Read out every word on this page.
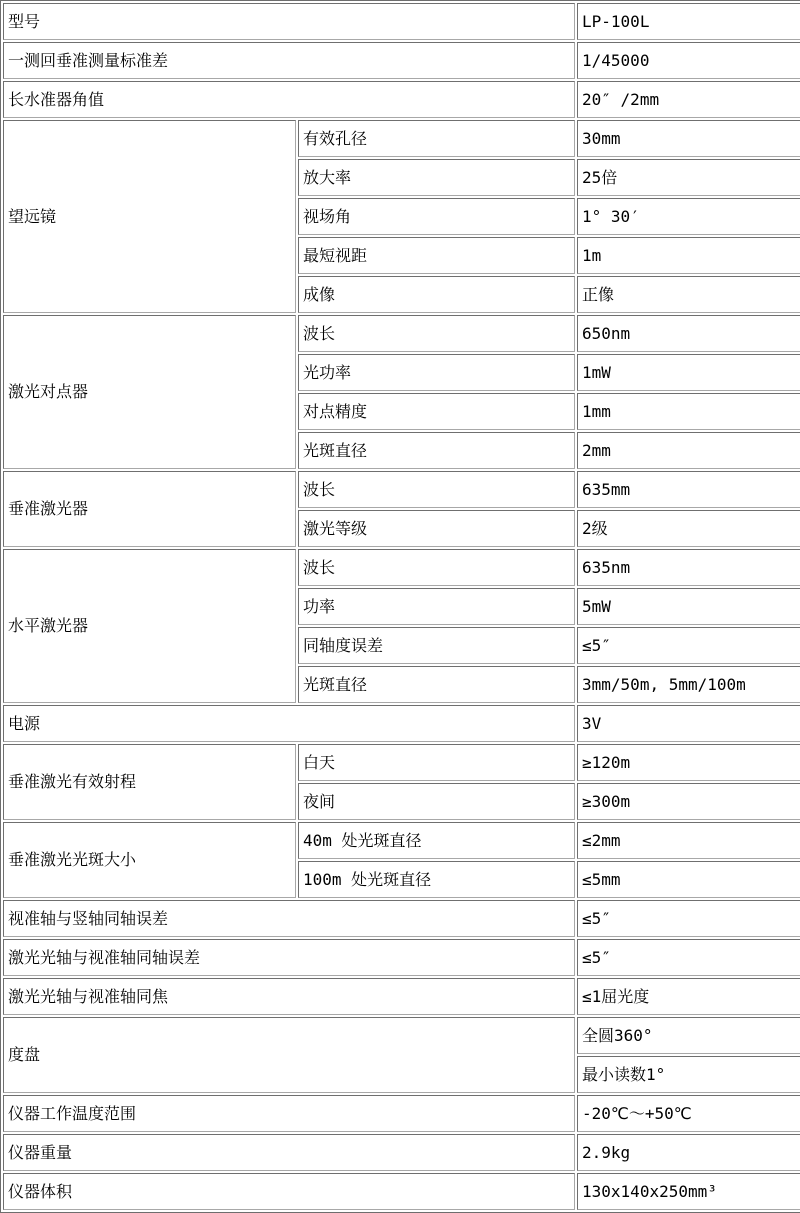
型号		LP-100L
一测回垂准测量标准差		1/45000
长水准器角值		20″ /2mm
望远镜	有效孔径	30mm
	放大率	25倍
	视场角	1° 30′
	最短视距	1m
	成像	正像
激光对点器	波长	650nm
	光功率	1mW
	对点精度	1mm
	光斑直径	2mm
垂准激光器	波长	635mm
	激光等级	2级
水平激光器	波长	635nm
	功率	5mW
	同轴度误差	≤5″
	光斑直径	3mm/50m, 5mm/100m
电源		3V
垂准激光有效射程	白天	≥120m
	夜间	≥300m
垂准激光光斑大小	40m 处光斑直径	≤2mm
	100m 处光斑直径	≤5mm
视准轴与竖轴同轴误差		≤5″
激光光轴与视准轴同轴误差		≤5″
激光光轴与视准轴同焦		≤1屈光度
度盘		全圆360°
		最小读数1°
仪器工作温度范围		-20℃～+50℃
仪器重量		2.9kg
仪器体积		130x140x250mm³
